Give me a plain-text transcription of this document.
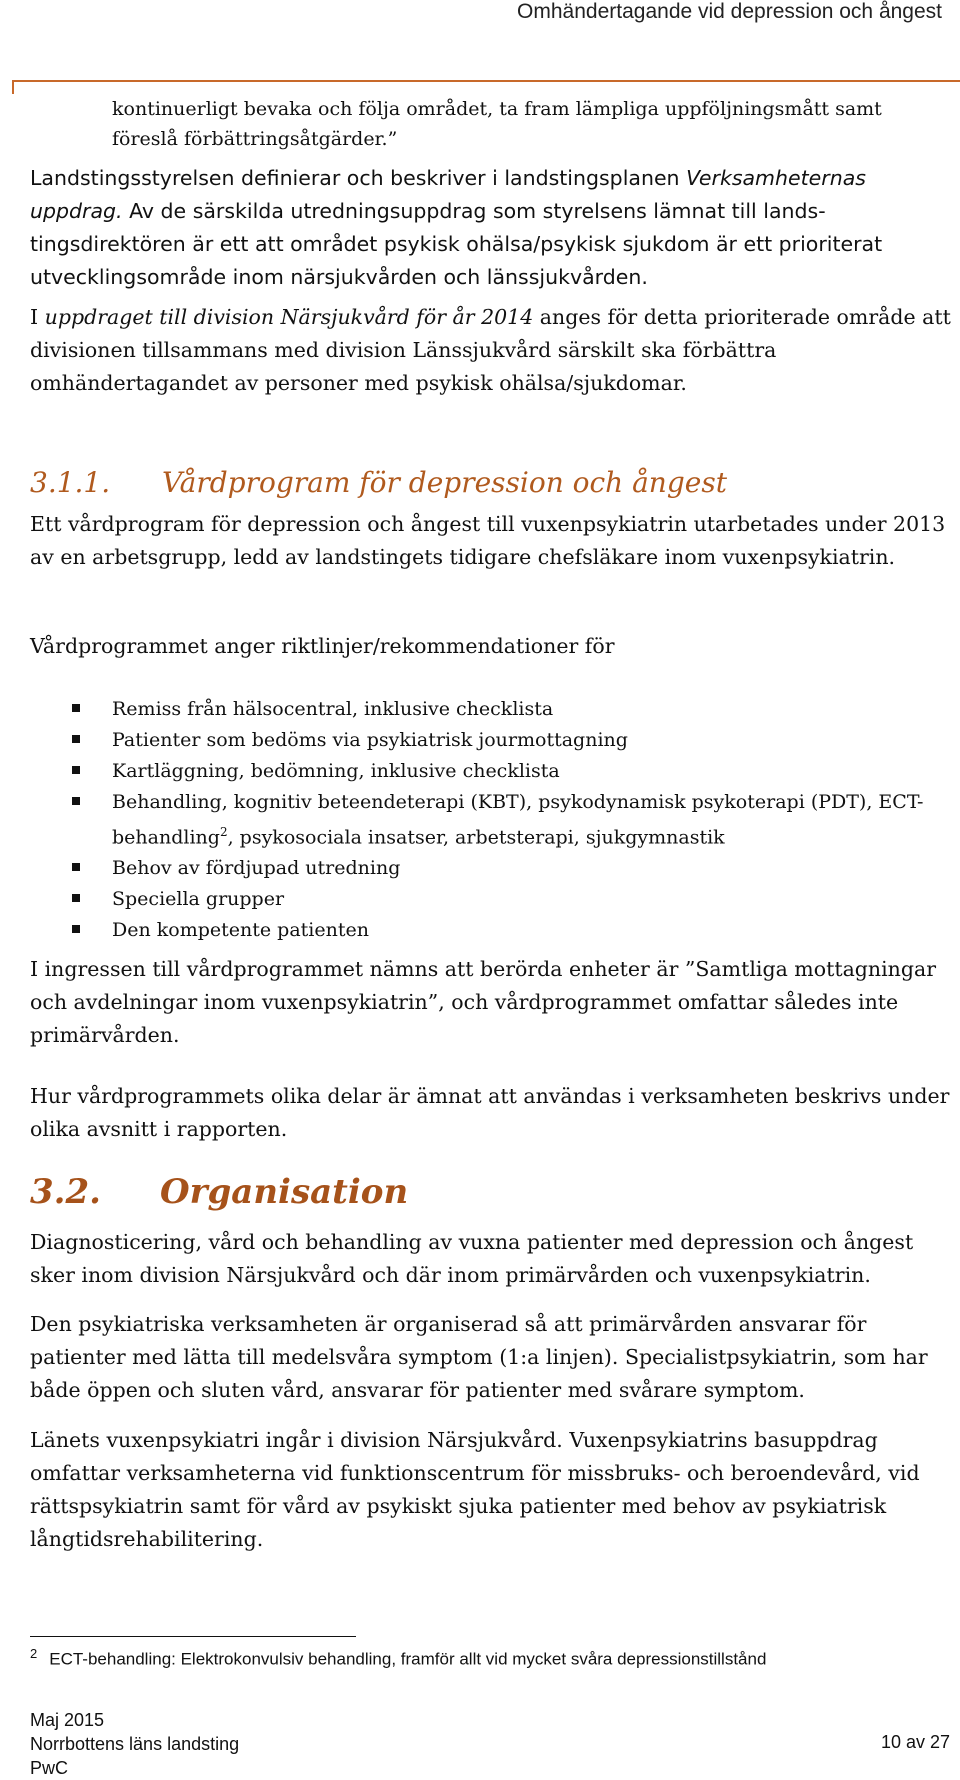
Omhändertagande vid depression och ångest

kontinuerligt bevaka och följa området, ta fram lämpliga uppföljningsmått samt föreslå förbättringsåtgärder.”

Landstingsstyrelsen definierar och beskriver i landstingsplanen Verksamheternas uppdrag. Av de särskilda utredningsuppdrag som styrelsens lämnat till lands-tingsdirektören är ett att området psykisk ohälsa/psykisk sjukdom är ett prioriterat utvecklingsområde inom närsjukvården och länssjukvården.

I uppdraget till division Närsjukvård för år 2014 anges för detta prioriterade område att divisionen tillsammans med division Länssjukvård särskilt ska förbättra omhändertagandet av personer med psykisk ohälsa/sjukdomar.

3.1.1. Vårdprogram för depression och ångest

Ett vårdprogram för depression och ångest till vuxenpsykiatrin utarbetades under 2013 av en arbetsgrupp, ledd av landstingets tidigare chefsläkare inom vuxenpsykiatrin.

Vårdprogrammet anger riktlinjer/rekommendationer för

Remiss från hälsocentral, inklusive checklista
Patienter som bedöms via psykiatrisk jourmottagning
Kartläggning, bedömning, inklusive checklista
Behandling, kognitiv beteendeterapi (KBT), psykodynamisk psykoterapi (PDT), ECT-behandling$^2$, psykosociala insatser, arbetsterapi, sjukgymnastik
Behov av fördjupad utredning
Speciella grupper
Den kompetente patienten

I ingressen till vårdprogrammet nämns att berörda enheter är ”Samtliga mottagningar och avdelningar inom vuxenpsykiatrin”, och vårdprogrammet omfattar således inte primärvården.

Hur vårdprogrammets olika delar är ämnat att användas i verksamheten beskrivs under olika avsnitt i rapporten.

3.2. Organisation

Diagnosticering, vård och behandling av vuxna patienter med depression och ångest sker inom division Närsjukvård och där inom primärvården och vuxenpsykiatrin.

Den psykiatriska verksamheten är organiserad så att primärvården ansvarar för patienter med lätta till medelsvåra symptom (1:a linjen). Specialistpsykiatrin, som har både öppen och sluten vård, ansvarar för patienter med svårare symptom.

Länets vuxenpsykiatri ingår i division Närsjukvård. Vuxenpsykiatrins basuppdrag omfattar verksamheterna vid funktionscentrum för missbruks- och beroendevård, vid rättspsykiatrin samt för vård av psykiskt sjuka patienter med behov av psykiatrisk långtidsrehabilitering.

$^2$ ECT-behandling: Elektrokonvulsiv behandling, framför allt vid mycket svåra depressionstillstånd
Maj 2015
Norrbottens läns landsting
PwC
10 av 27
